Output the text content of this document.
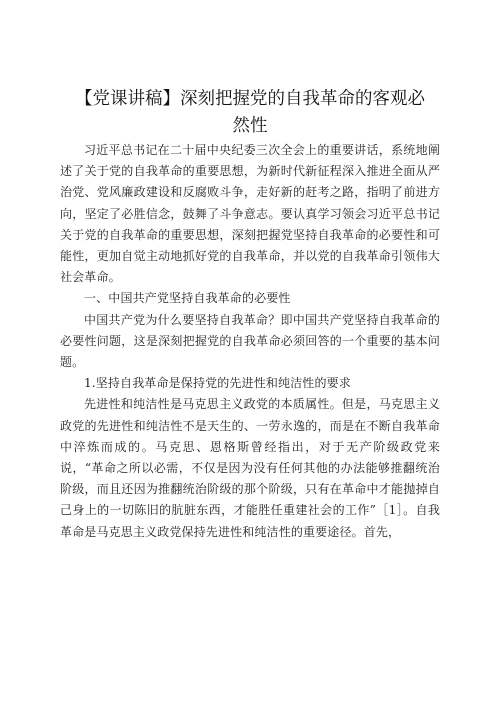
【党课讲稿】深刻把握党的自我革命的客观必然性

习近平总书记在二十届中央纪委三次全会上的重要讲话，系统地阐述了关于党的自我革命的重要思想，为新时代新征程深入推进全面从严治党、党风廉政建设和反腐败斗争，走好新的赶考之路，指明了前进方向，坚定了必胜信念，鼓舞了斗争意志。要认真学习领会习近平总书记关于党的自我革命的重要思想，深刻把握党坚持自我革命的必要性和可能性，更加自觉主动地抓好党的自我革命，并以党的自我革命引领伟大社会革命。

一、中国共产党坚持自我革命的必要性

中国共产党为什么要坚持自我革命？即中国共产党坚持自我革命的必要性问题，这是深刻把握党的自我革命必须回答的一个重要的基本问题。

1.坚持自我革命是保持党的先进性和纯洁性的要求

先进性和纯洁性是马克思主义政党的本质属性。但是，马克思主义政党的先进性和纯洁性不是天生的、一劳永逸的，而是在不断自我革命中淬炼而成的。马克思、恩格斯曾经指出，对于无产阶级政党来说，“革命之所以必需，不仅是因为没有任何其他的办法能够推翻统治阶级，而且还因为推翻统治阶级的那个阶级，只有在革命中才能抛掉自己身上的一切陈旧的肮脏东西，才能胜任重建社会的工作”［1］。自我革命是马克思主义政党保持先进性和纯洁性的重要途径。首先，
